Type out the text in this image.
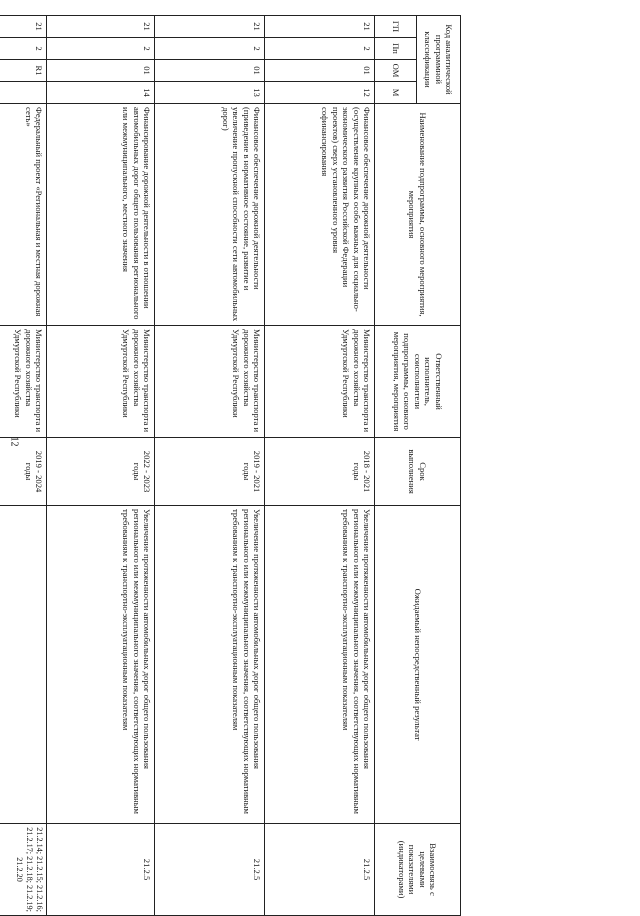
12
Код аналитической программной классификации				Наименование подпрограммы, основного мероприятия, мероприятия	Ответственный исполнитель, соисполнители подпрограммы, основного мероприятия, мероприятия	Срок выполнения	Ожидаемый непосредственный результат	Взаимосвязь с целевыми показателями (индикаторами)
ГП	Пп	ОМ	М					
21	2	01	12	Финансовое обеспечение дорожной деятельности (осуществление крупных особо важных для социально-экономического развития Российской Федерации проектов) сверх установленного уровня софинансирования	Министерство транспорта и дорожного хозяйства Удмуртской Республики	2018 - 2021 годы	Увеличение протяженности автомобильных дорог общего пользования регионального или межмуниципального значения, соответствующих нормативным требованиям к транспортно-эксплуатационным показателям	21.2.5
21	2	01	13	Финансовое обеспечение дорожной деятельности (приведение в нормативное состояние, развитие и увеличение пропускной способности сети автомобильных дорог)	Министерство транспорта и дорожного хозяйства Удмуртской Республики	2019 - 2021 годы	Увеличение протяженности автомобильных дорог общего пользования регионального или межмуниципального значения, соответствующих нормативным требованиям к транспортно-эксплуатационным показателям	21.2.5
21	2	01	14	Финансирование дорожной деятельности в отношении автомобильных дорог общего пользования регионального или межмуниципального, местного значения	Министерство транспорта и дорожного хозяйства Удмуртской Республики	2022 - 2023 годы	Увеличение протяженности автомобильных дорог общего пользования регионального или межмуниципального значения, соответствующих нормативным требованиям к транспортно-эксплуатационным показателям	21.2.5
21	2	R1		Федеральный проект «Региональная и местная дорожная сеть»	Министерство транспорта и дорожного хозяйства Удмуртской Республики	2019 - 2024 годы		21.2.14; 21.2.15; 21.2.16; 21.2.17; 21.2.18; 21.2.19; 21.2.20
